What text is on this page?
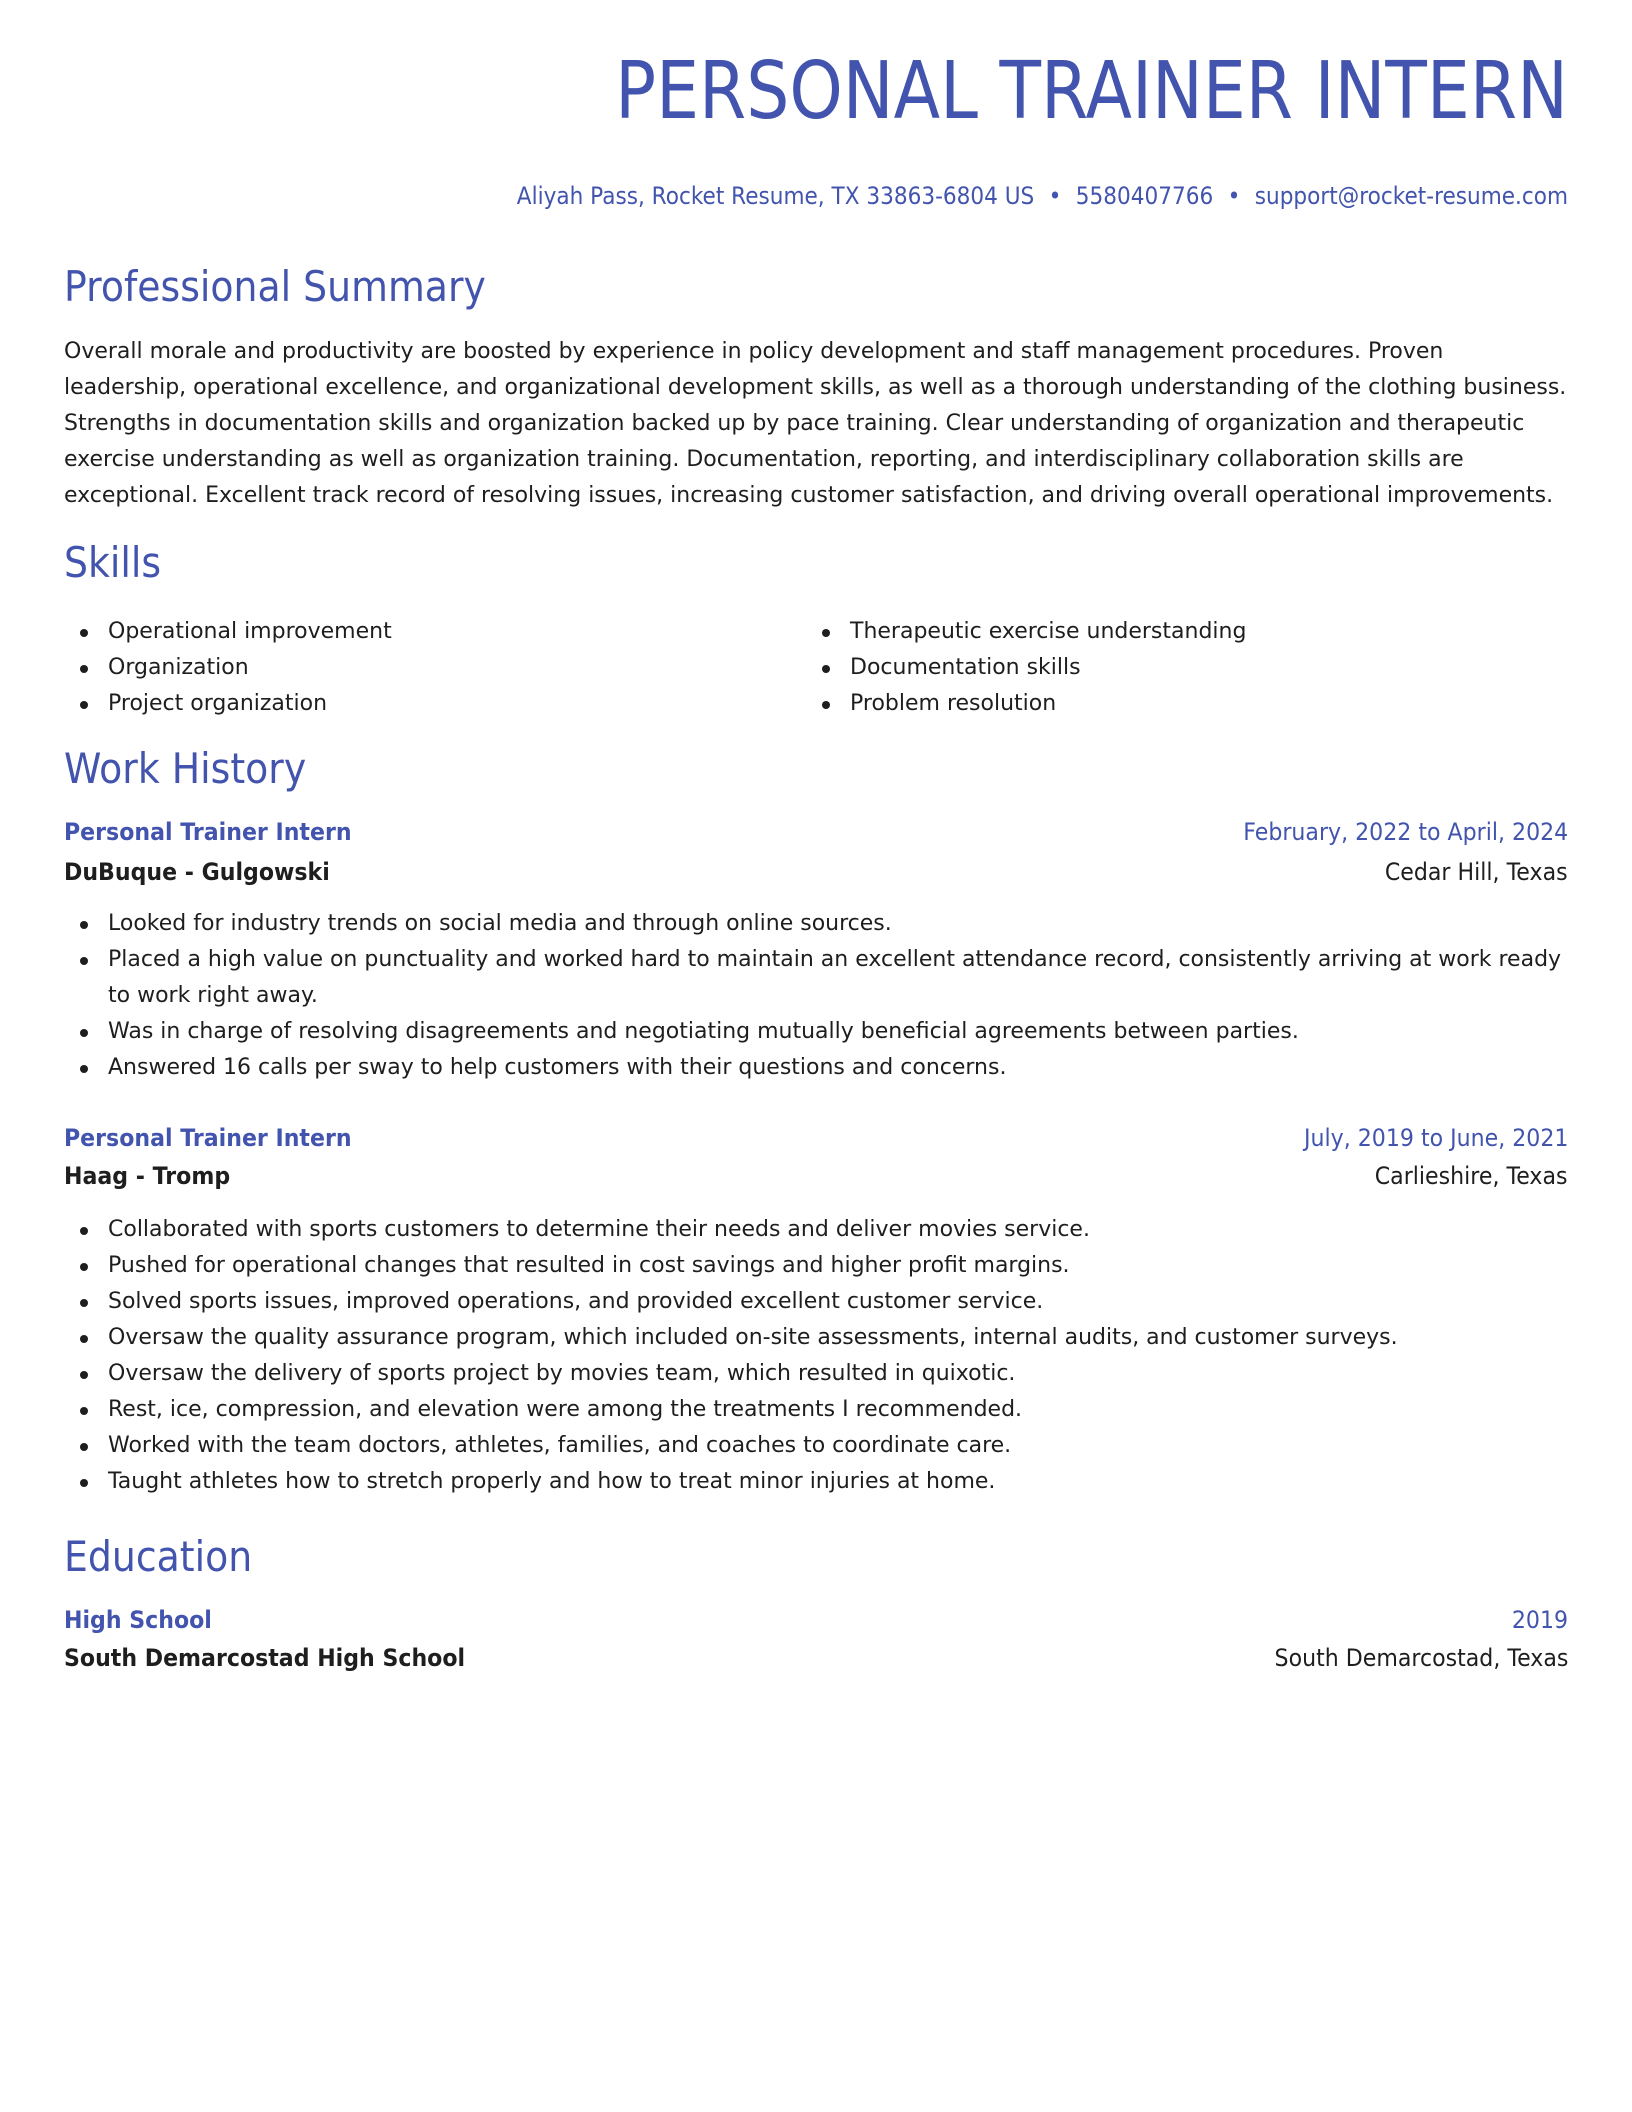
PERSONAL TRAINER INTERN
Aliyah Pass, Rocket Resume, TX 33863-6804 US • 5580407766 • support@rocket-resume.com
Professional Summary

Overall morale and productivity are boosted by experience in policy development and staff management procedures. Proven leadership, operational excellence, and organizational development skills, as well as a thorough understanding of the clothing business. Strengths in documentation skills and organization backed up by pace training. Clear understanding of organization and therapeutic exercise understanding as well as organization training. Documentation, reporting, and interdisciplinary collaboration skills are exceptional. Excellent track record of resolving issues, increasing customer satisfaction, and driving overall operational improvements.

Skills
Operational improvement
Organization
Project organization
Therapeutic exercise understanding
Documentation skills
Problem resolution
Work History
Personal Trainer Intern	February, 2022 to April, 2024
DuBuque - Gulgowski	Cedar Hill, Texas
Looked for industry trends on social media and through online sources.
Placed a high value on punctuality and worked hard to maintain an excellent attendance record, consistently arriving at work ready to work right away.
Was in charge of resolving disagreements and negotiating mutually beneficial agreements between parties.
Answered 16 calls per sway to help customers with their questions and concerns.
Personal Trainer Intern	July, 2019 to June, 2021
Haag - Tromp	Carlieshire, Texas
Collaborated with sports customers to determine their needs and deliver movies service.
Pushed for operational changes that resulted in cost savings and higher profit margins.
Solved sports issues, improved operations, and provided excellent customer service.
Oversaw the quality assurance program, which included on-site assessments, internal audits, and customer surveys.
Oversaw the delivery of sports project by movies team, which resulted in quixotic.
Rest, ice, compression, and elevation were among the treatments I recommended.
Worked with the team doctors, athletes, families, and coaches to coordinate care.
Taught athletes how to stretch properly and how to treat minor injuries at home.
Education
High School	2019
South Demarcostad High School	South Demarcostad, Texas
